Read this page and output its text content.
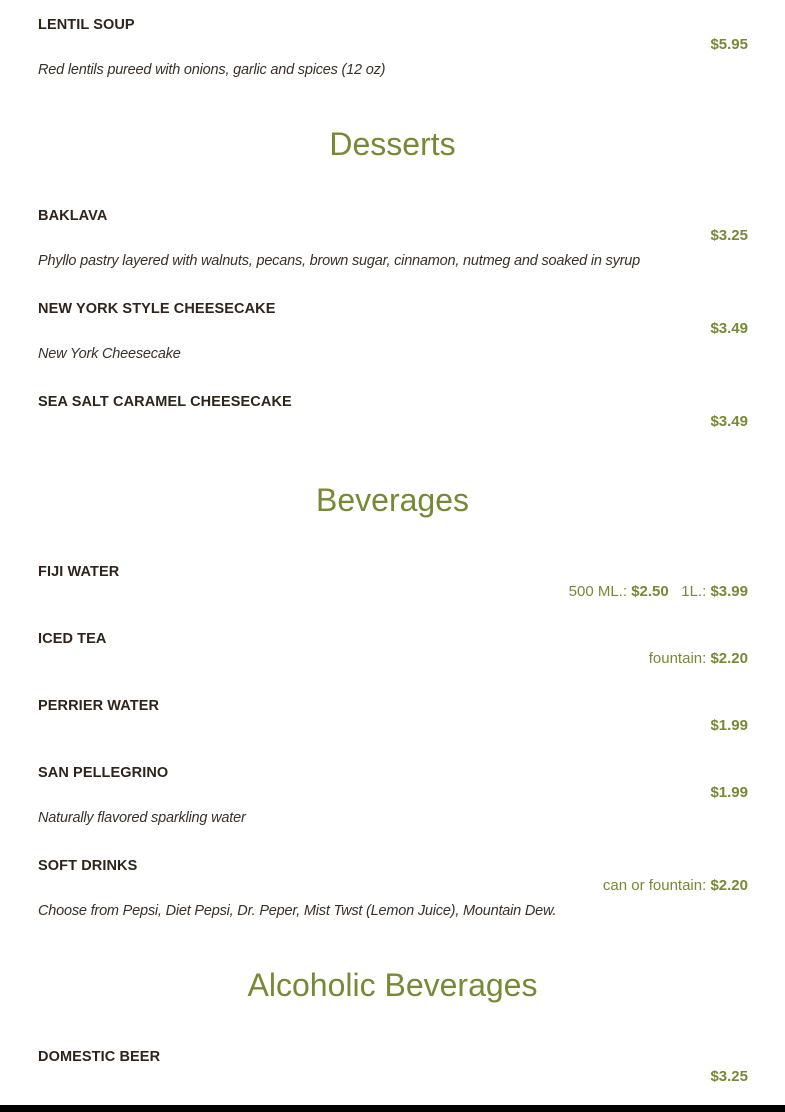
LENTIL SOUP
$5.95
Red lentils pureed with onions, garlic and spices (12 oz)
Desserts
BAKLAVA
$3.25
Phyllo pastry layered with walnuts, pecans, brown sugar, cinnamon, nutmeg and soaked in syrup
NEW YORK STYLE CHEESECAKE
$3.49
New York Cheesecake
SEA SALT CARAMEL CHEESECAKE
$3.49
Beverages
FIJI WATER
500 ML.: $2.50 1L.: $3.99
ICED TEA
fountain: $2.20
PERRIER WATER
$1.99
SAN PELLEGRINO
$1.99
Naturally flavored sparkling water
SOFT DRINKS
can or fountain: $2.20
Choose from Pepsi, Diet Pepsi, Dr. Peper, Mist Twst (Lemon Juice), Mountain Dew.
Alcoholic Beverages
DOMESTIC BEER
$3.25
